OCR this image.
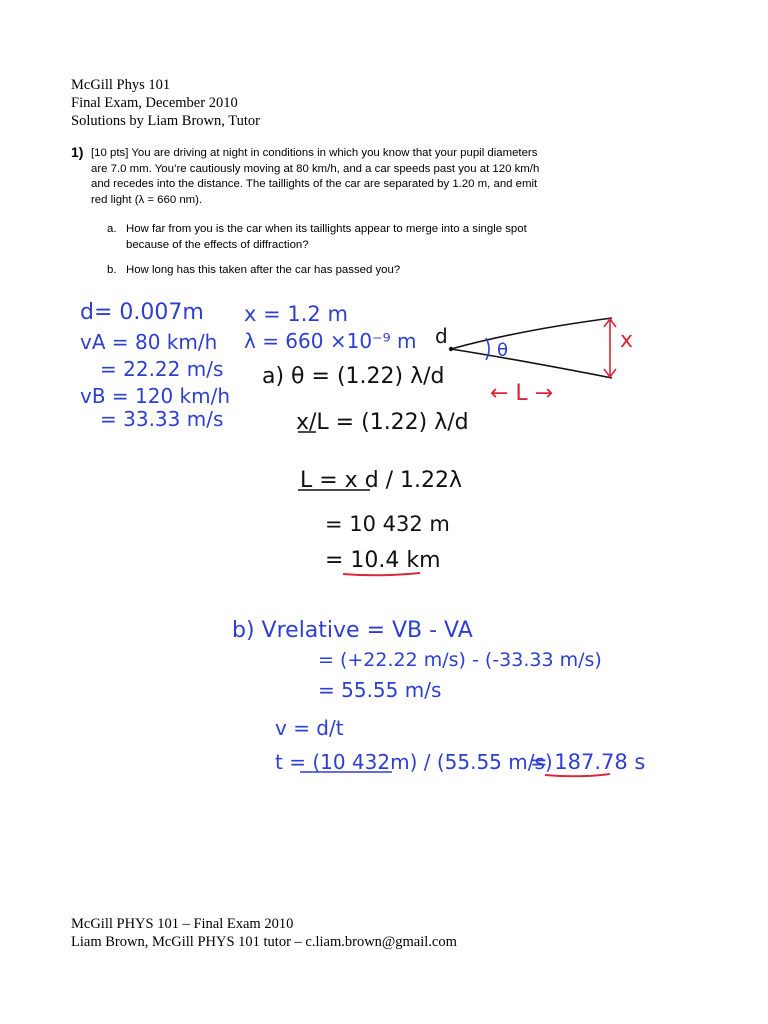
McGill Phys 101
Final Exam, December 2010
Solutions by Liam Brown, Tutor
1) [10 pts] You are driving at night in conditions in which you know that your pupil diameters
are 7.0 mm. You’re cautiously moving at 80 km/h, and a car speeds past you at 120 km/h
and recedes into the distance. The taillights of the car are separated by 1.20 m, and emit
red light (λ = 660 nm).
a. How far from you is the car when its taillights appear to merge into a single spot
because of the effects of diffraction?
b. How long has this taken after the car has passed you?
d= 0.007m
vA = 80 km/h
= 22.22 m/s
vB = 120 km/h
= 33.33 m/s
x = 1.2 m
λ = 660 ×10⁻⁹ m
a) θ = (1.22) λ/d
x/L = (1.22) λ/d
L = x d / 1.22λ
= 10 432 m
= 10.4 km
d
θ	x
← L →
b) Vrelative = VB - VA
= (+22.22 m/s) - (-33.33 m/s)
= 55.55 m/s
v = d/t
t = (10 432m) / (55.55 m/s)
= 187.78 s
McGill PHYS 101 – Final Exam 2010
Liam Brown, McGill PHYS 101 tutor – c.liam.brown@gmail.com
